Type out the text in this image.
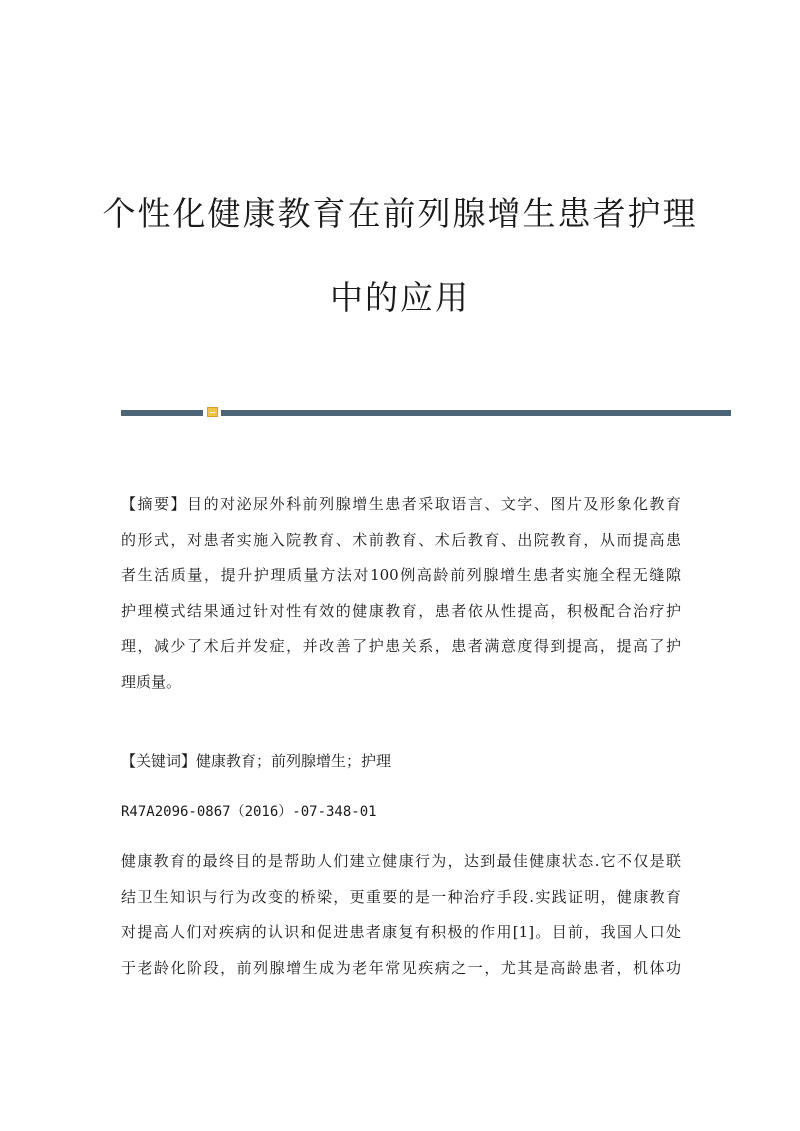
个性化健康教育在前列腺增生患者护理
中的应用
【摘要】目的对泌尿外科前列腺增生患者采取语言、文字、图片及形象化教育
的形式，对患者实施入院教育、术前教育、术后教育、出院教育，从而提高患
者生活质量，提升护理质量方法对100例高龄前列腺增生患者实施全程无缝隙
护理模式结果通过针对性有效的健康教育，患者依从性提高，积极配合治疗护
理，减少了术后并发症，并改善了护患关系，患者满意度得到提高，提高了护
理质量。
【关键词】健康教育；前列腺增生；护理
R47A2096-0867（2016）-07-348-01
健康教育的最终目的是帮助人们建立健康行为，达到最佳健康状态.它不仅是联
结卫生知识与行为改变的桥梁，更重要的是一种治疗手段.实践证明，健康教育
对提高人们对疾病的认识和促进患者康复有积极的作用[1]。目前，我国人口处
于老龄化阶段，前列腺增生成为老年常见疾病之一，尤其是高龄患者，机体功
